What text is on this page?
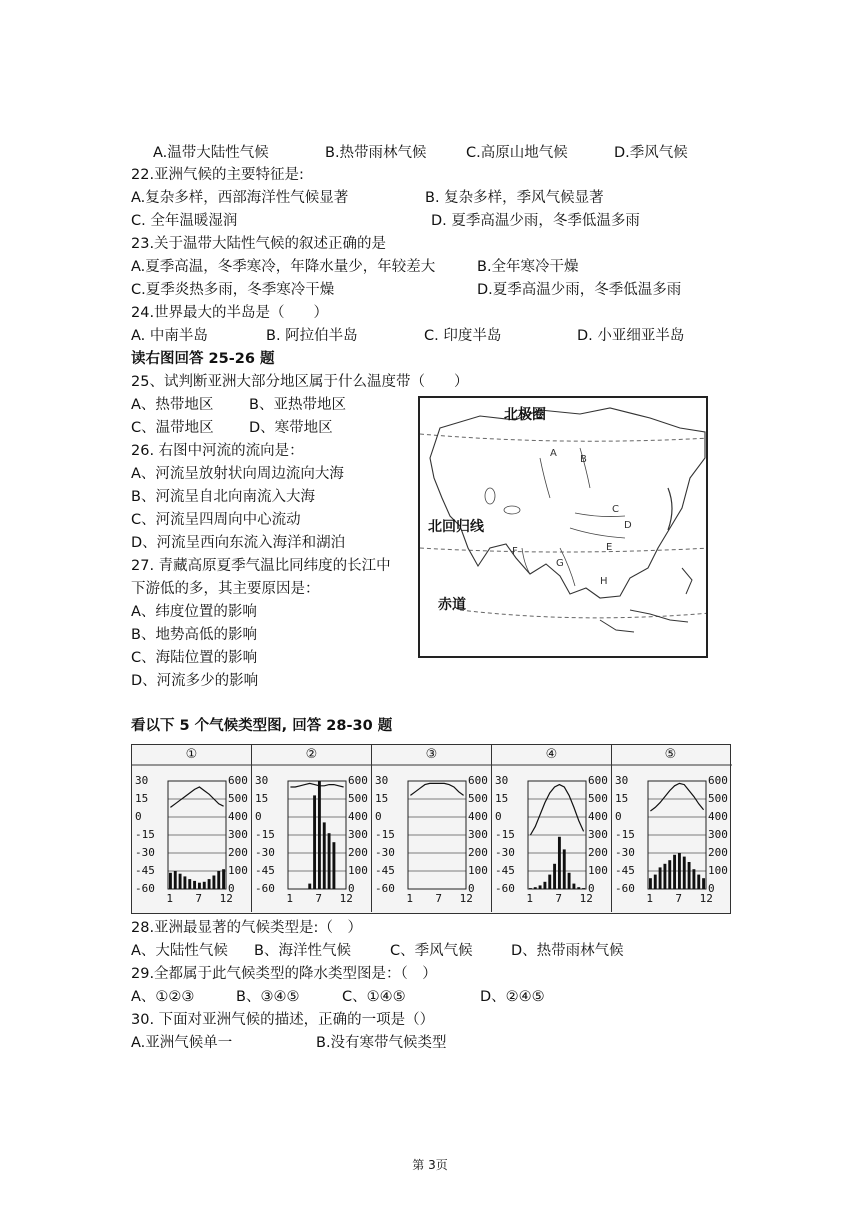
A.温带大陆性气候	B.热带雨林气候	C.高原山地气候	D.季风气候
22.亚洲气候的主要特征是:
A.复杂多样，西部海洋性气候显著	B. 复杂多样，季风气候显著
C. 全年温暖湿润	D. 夏季高温少雨，冬季低温多雨
23.关于温带大陆性气候的叙述正确的是
A.夏季高温，冬季寒冷，年降水量少，年较差大	B.全年寒冷干燥
C.夏季炎热多雨，冬季寒冷干燥	D.夏季高温少雨，冬季低温多雨
24.世界最大的半岛是（　　）
A. 中南半岛	B. 阿拉伯半岛	C. 印度半岛	D. 小亚细亚半岛
读右图回答 25-26 题
25、试判断亚洲大部分地区属于什么温度带（　　）
A、热带地区 B、亚热带地区
C、温带地区 D、寒带地区
26. 右图中河流的流向是：
A、河流呈放射状向周边流向大海
B、河流呈自北向南流入大海
C、河流呈四周向中心流动
D、河流呈西向东流入海洋和湖泊
27. 青藏高原夏季气温比同纬度的长江中
下游低的多，其主要原因是：
A、纬度位置的影响
B、地势高低的影响
C、海陆位置的影响
D、河流多少的影响
北极圈
北回归线
赤道
A
B
C
D
E
F
G
H
看以下 5 个气候类型图, 回答 28-30 题
①
30	600
15	500
0	400
-15	300
-30	200
-45	100
-60	0
1 7 12
②
30	600
15	500
0	400
-15	300
-30	200
-45	100
-60	0
1 7 12
③
30	600
15	500
0	400
-15	300
-30	200
-45	100
-60	0
1 7 12
④
30	600
15	500
0	400
-15	300
-30	200
-45	100
-60	0
1 7 12
⑤
30	600
15	500
0	400
-15	300
-30	200
-45	100
-60	0
1 7 12
28.亚洲最显著的气候类型是:（　）
A、大陆性气候 B、海洋性气候	C、季风气候	D、热带雨林气候
29.全都属于此气候类型的降水类型图是：（　）
A、①②③	B、③④⑤	C、①④⑤	D、②④⑤
30. 下面对亚洲气候的描述，正确的一项是（）
A.亚洲气候单一	B.没有寒带气候类型
第 3页
